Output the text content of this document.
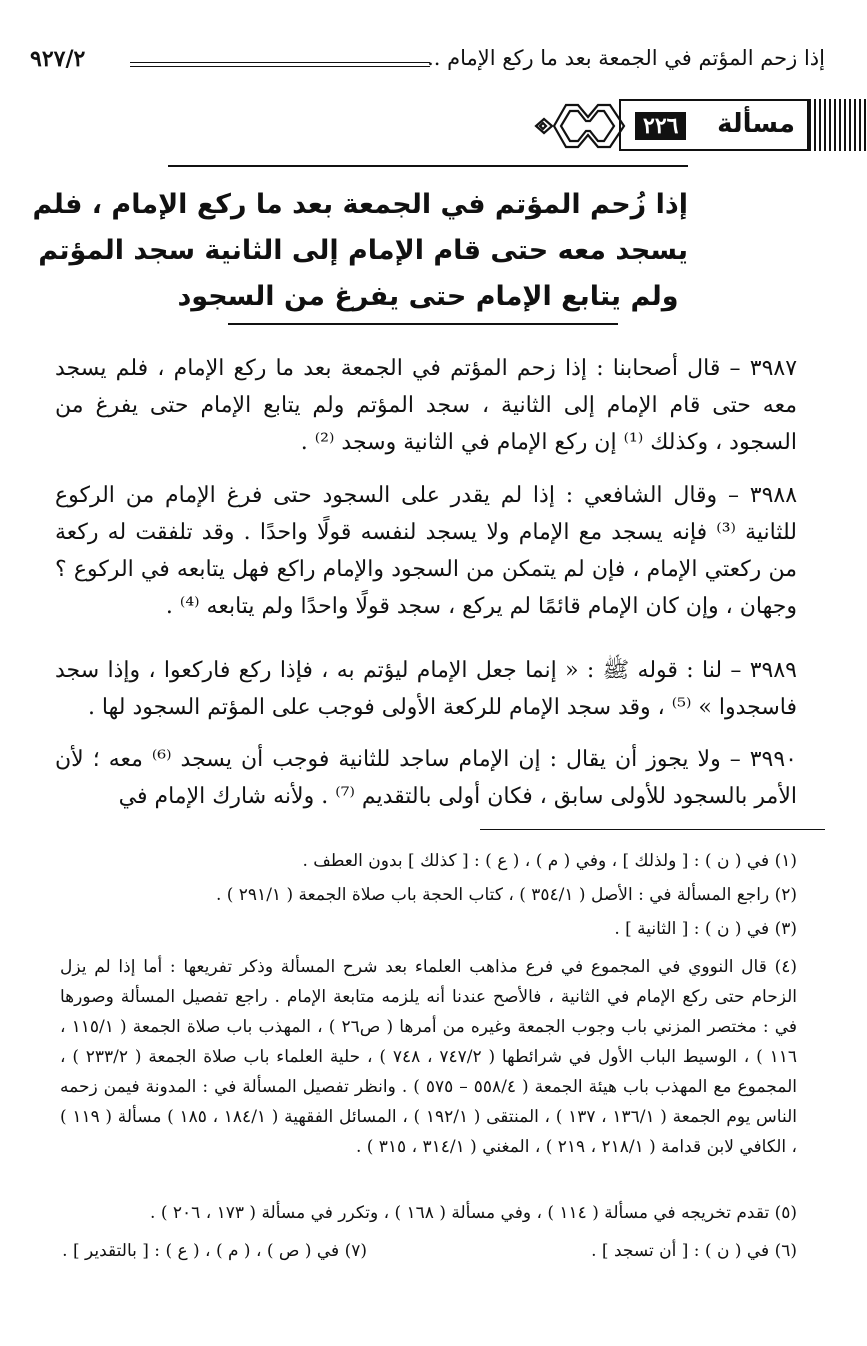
إذا زحم المؤتم في الجمعة بعد ما ركع الإمام ..
٩٢٧/٢
مسألة
٢٢٦
إذا زُحم المؤتم في الجمعة بعد ما ركع الإمام ، فلم
يسجد معه حتى قام الإمام إلى الثانية سجد المؤتم
ولم يتابع الإمام حتى يفرغ من السجود
٣٩٨٧ – قال أصحابنا : إذا زحم المؤتم في الجمعة بعد ما ركع الإمام ، فلم يسجد معه حتى قام الإمام إلى الثانية ، سجد المؤتم ولم يتابع الإمام حتى يفرغ من السجود ، وكذلك ⁽¹⁾ إن ركع الإمام في الثانية وسجد ⁽²⁾ .
٣٩٨٨ – وقال الشافعي : إذا لم يقدر على السجود حتى فرغ الإمام من الركوع للثانية ⁽³⁾ فإنه يسجد مع الإمام ولا يسجد لنفسه قولًا واحدًا . وقد تلفقت له ركعة من ركعتي الإمام ، فإن لم يتمكن من السجود والإمام راكع فهل يتابعه في الركوع ؟ وجهان ، وإن كان الإمام قائمًا لم يركع ، سجد قولًا واحدًا ولم يتابعه ⁽⁴⁾ .
٣٩٨٩ – لنا : قوله ﷺ : « إنما جعل الإمام ليؤتم به ، فإذا ركع فاركعوا ، وإذا سجد فاسجدوا » ⁽⁵⁾ ، وقد سجد الإمام للركعة الأولى فوجب على المؤتم السجود لها .
٣٩٩٠ – ولا يجوز أن يقال : إن الإمام ساجد للثانية فوجب أن يسجد ⁽⁶⁾ معه ؛ لأن الأمر بالسجود للأولى سابق ، فكان أولى بالتقديم ⁽⁷⁾ . ولأنه شارك الإمام في
(١) في ( ن ) : [ ولذلك ] ، وفي ( م ) ، ( ع ) : [ كذلك ] بدون العطف .
(٢) راجع المسألة في : الأصل ( ٣٥٤/١ ) ، كتاب الحجة باب صلاة الجمعة ( ٢٩١/١ ) .
(٣) في ( ن ) : [ الثانية ] .
(٤) قال النووي في المجموع في فرع مذاهب العلماء بعد شرح المسألة وذكر تفريعها : أما إذا لم يزل الزحام حتى ركع الإمام في الثانية ، فالأصح عندنا أنه يلزمه متابعة الإمام . راجع تفصيل المسألة وصورها في : مختصر المزني باب وجوب الجمعة وغيره من أمرها ( ص٢٦ ) ، المهذب باب صلاة الجمعة ( ١١٥/١ ، ١١٦ ) ، الوسيط الباب الأول في شرائطها ( ٧٤٧/٢ ، ٧٤٨ ) ، حلية العلماء باب صلاة الجمعة ( ٢٣٣/٢ ) ، المجموع مع المهذب باب هيئة الجمعة ( ٥٥٨/٤ – ٥٧٥ ) . وانظر تفصيل المسألة في : المدونة فيمن زحمه الناس يوم الجمعة ( ١٣٦/١ ، ١٣٧ ) ، المنتقى ( ١٩٢/١ ) ، المسائل الفقهية ( ١٨٤/١ ، ١٨٥ ) مسألة ( ١١٩ ) ، الكافي لابن قدامة ( ٢١٨/١ ، ٢١٩ ) ، المغني ( ٣١٤/١ ، ٣١٥ ) .
(٥) تقدم تخريجه في مسألة ( ١١٤ ) ، وفي مسألة ( ١٦٨ ) ، وتكرر في مسألة ( ١٧٣ ، ٢٠٦ ) .
(٦) في ( ن ) : [ أن تسجد ] .
(٧) في ( ص ) ، ( م ) ، ( ع ) : [ بالتقدير ] .
